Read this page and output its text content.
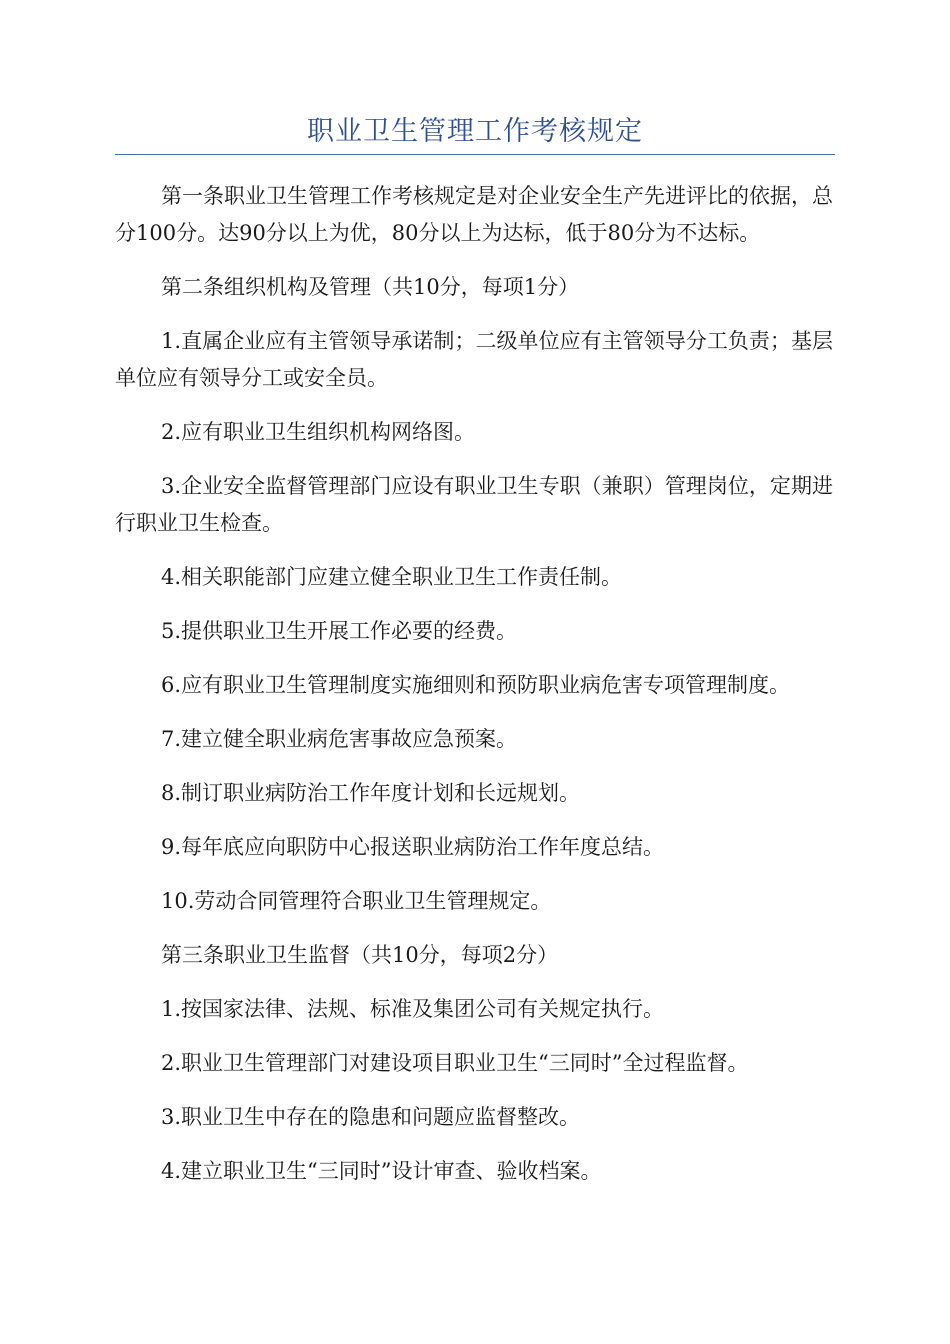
职业卫生管理工作考核规定

第一条职业卫生管理工作考核规定是对企业安全生产先进评比的依据，总分100分。达90分以上为优，80分以上为达标，低于80分为不达标。

第二条组织机构及管理（共10分，每项1分）

1.直属企业应有主管领导承诺制；二级单位应有主管领导分工负责；基层单位应有领导分工或安全员。

2.应有职业卫生组织机构网络图。

3.企业安全监督管理部门应设有职业卫生专职（兼职）管理岗位，定期进行职业卫生检查。

4.相关职能部门应建立健全职业卫生工作责任制。

5.提供职业卫生开展工作必要的经费。

6.应有职业卫生管理制度实施细则和预防职业病危害专项管理制度。

7.建立健全职业病危害事故应急预案。

8.制订职业病防治工作年度计划和长远规划。

9.每年底应向职防中心报送职业病防治工作年度总结。

10.劳动合同管理符合职业卫生管理规定。

第三条职业卫生监督（共10分，每项2分）

1.按国家法律、法规、标准及集团公司有关规定执行。

2.职业卫生管理部门对建设项目职业卫生“三同时”全过程监督。

3.职业卫生中存在的隐患和问题应监督整改。

4.建立职业卫生“三同时”设计审查、验收档案。
